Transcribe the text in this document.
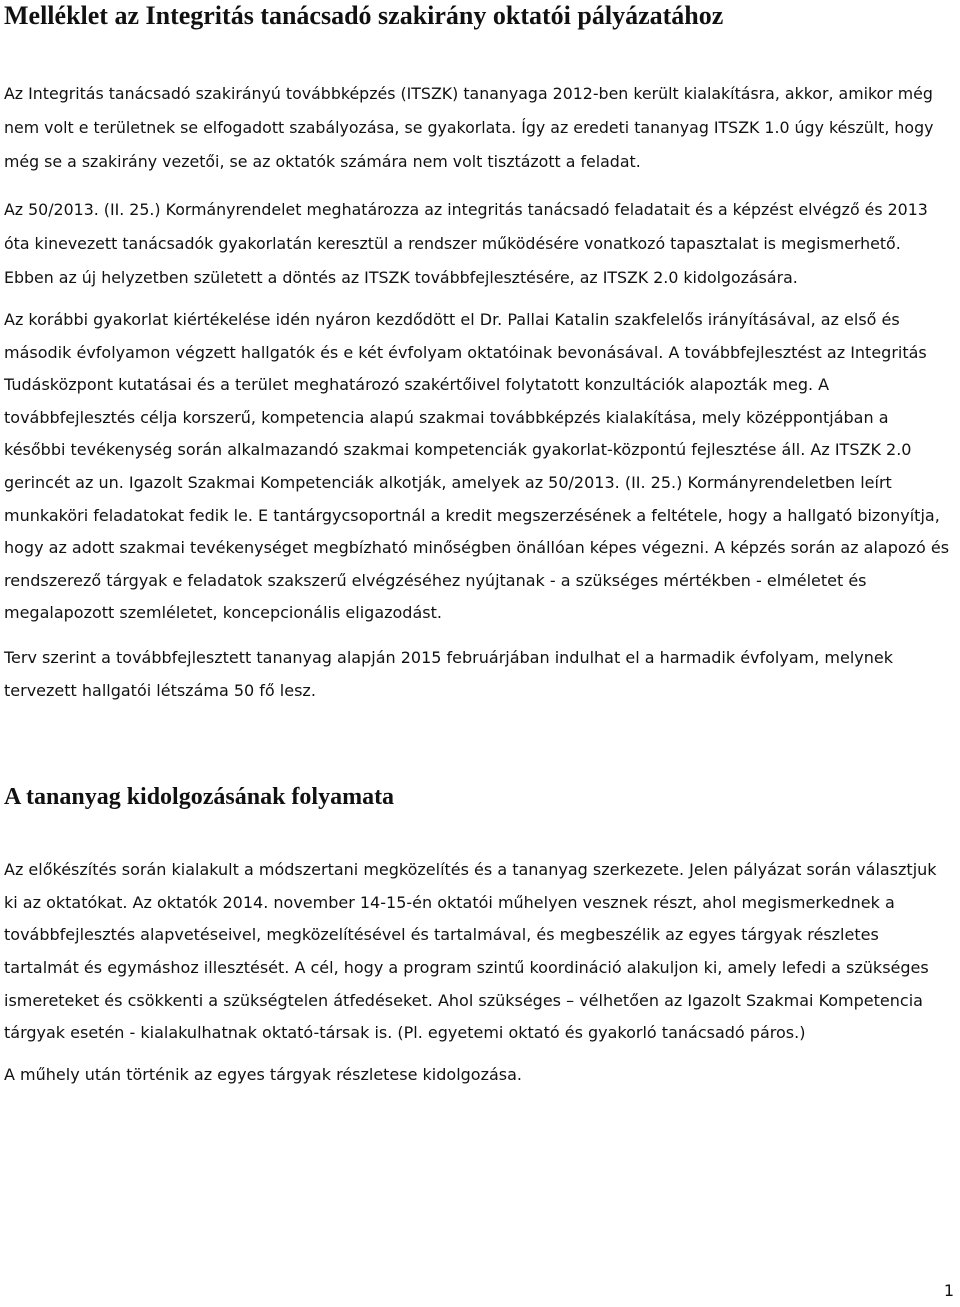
Melléklet az Integritás tanácsadó szakirány oktatói pályázatához

Az Integritás tanácsadó szakirányú továbbképzés (ITSZK) tananyaga 2012-ben került kialakításra, akkor, amikor még nem volt e területnek se elfogadott szabályozása, se gyakorlata. Így az eredeti tananyag ITSZK 1.0 úgy készült, hogy még se a szakirány vezetői, se az oktatók számára nem volt tisztázott a feladat.

Az 50/2013. (II. 25.) Kormányrendelet meghatározza az integritás tanácsadó feladatait és a képzést elvégző és 2013 óta kinevezett tanácsadók gyakorlatán keresztül a rendszer működésére vonatkozó tapasztalat is megismerhető. Ebben az új helyzetben született a döntés az ITSZK továbbfejlesztésére, az ITSZK 2.0 kidolgozására.

Az korábbi gyakorlat kiértékelése idén nyáron kezdődött el Dr. Pallai Katalin szakfelelős irányításával, az első és második évfolyamon végzett hallgatók és e két évfolyam oktatóinak bevonásával. A továbbfejlesztést az Integritás Tudásközpont kutatásai és a terület meghatározó szakértőivel folytatott konzultációk alapozták meg. A továbbfejlesztés célja korszerű, kompetencia alapú szakmai továbbképzés kialakítása, mely középpontjában a későbbi tevékenység során alkalmazandó szakmai kompetenciák gyakorlat-központú fejlesztése áll. Az ITSZK 2.0 gerincét az un. Igazolt Szakmai Kompetenciák alkotják, amelyek az 50/2013. (II. 25.) Kormányrendeletben leírt munkaköri feladatokat fedik le. E tantárgycsoportnál a kredit megszerzésének a feltétele, hogy a hallgató bizonyítja, hogy az adott szakmai tevékenységet megbízható minőségben önállóan képes végezni. A képzés során az alapozó és rendszerező tárgyak e feladatok szakszerű elvégzéséhez nyújtanak - a szükséges mértékben - elméletet és megalapozott szemléletet, koncepcionális eligazodást.

Terv szerint a továbbfejlesztett tananyag alapján 2015 februárjában indulhat el a harmadik évfolyam, melynek tervezett hallgatói létszáma 50 fő lesz.

A tananyag kidolgozásának folyamata

Az előkészítés során kialakult a módszertani megközelítés és a tananyag szerkezete. Jelen pályázat során választjuk ki az oktatókat. Az oktatók 2014. november 14-15-én oktatói műhelyen vesznek részt, ahol megismerkednek a továbbfejlesztés alapvetéseivel, megközelítésével és tartalmával, és megbeszélik az egyes tárgyak részletes tartalmát és egymáshoz illesztését. A cél, hogy a program szintű koordináció alakuljon ki, amely lefedi a szükséges ismereteket és csökkenti a szükségtelen átfedéseket. Ahol szükséges – vélhetően az Igazolt Szakmai Kompetencia tárgyak esetén - kialakulhatnak oktató-társak is. (Pl. egyetemi oktató és gyakorló tanácsadó páros.)

A műhely után történik az egyes tárgyak részletese kidolgozása.

1
